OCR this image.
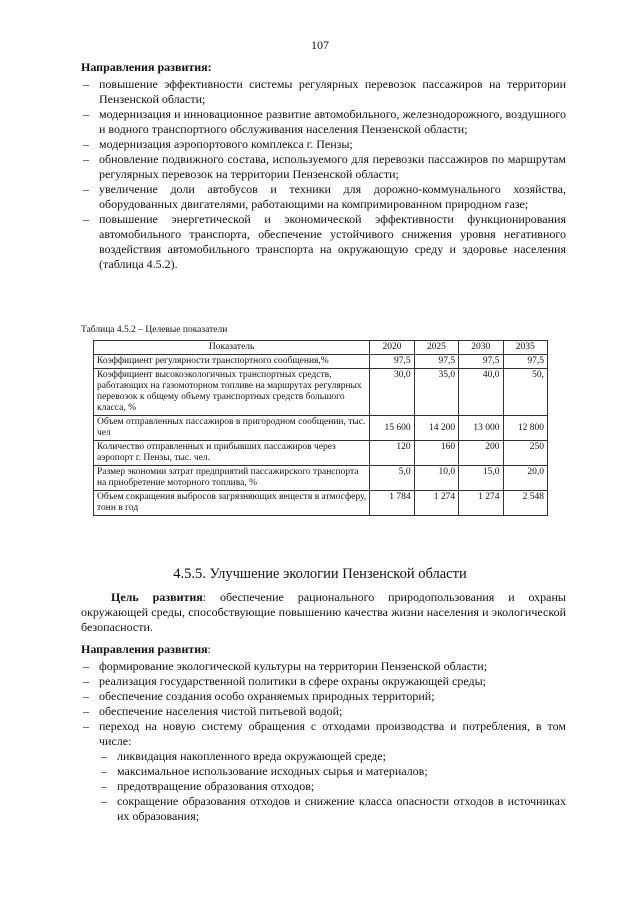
107

Направления развития:

– повышение эффективности системы регулярных перевозок пассажиров на территории Пензенской области;
– модернизация и инновационное развитие автомобильного, железнодорожного, воздушного и водного транспортного обслуживания населения Пензенской области;
– модернизация аэропортового комплекса г. Пензы;
– обновление подвижного состава, используемого для перевозки пассажиров по маршрутам регулярных перевозок на территории Пензенской области;
– увеличение доли автобусов и техники для дорожно-коммунального хозяйства, оборудованных двигателями, работающими на компримированном природном газе;
– повышение энергетической и экономической эффективности функционирования автомобильного транспорта, обеспечение устойчивого снижения уровня негативного воздействия автомобильного транспорта на окружающую среду и здоровье населения (таблица 4.5.2).
Таблица 4.5.2 – Целевые показатели
Показатель	2020	2025	2030	2035
Коэффициент регулярности транспортного сообщения,%	97,5	97,5	97,5	97,5
Коэффициент высокоэкологичных транспортных средств, работающих на газомоторном топливе на маршрутах регулярных перевозок к общему объему транспортных средств большого класса, %	30,0	35,0	40,0	50,
Объем отправленных пассажиров в пригородном сообщении, тыс. чел	15 600	14 200	13 000	12 800
Количество отправленных и прибывших пассажиров через аэропорт г. Пензы, тыс. чел.	120	160	200	250
Размер экономии затрат предприятий пассажирского транспорта на приобретение моторного топлива, %	5,0	10,0	15,0	20,0
Объем сокращения выбросов загрязняющих веществ в атмосферу, тонн в год	1 784	1 274	1 274	2 548
4.5.5. Улучшение экологии Пензенской области

Цель развития: обеспечение рационального природопользования и охраны окружающей среды, способствующие повышению качества жизни населения и экологической безопасности.

Направления развития:

– формирование экологической культуры на территории Пензенской области;
– реализация государственной политики в сфере охраны окружающей среды;
– обеспечение создания особо охраняемых природных территорий;
– обеспечение населения чистой питьевой водой;
– переход на новую систему обращения с отходами производства и потребления, в том числе:
– ликвидация накопленного вреда окружающей среде;
– максимальное использование исходных сырья и материалов;
– предотвращение образования отходов;
– сокращение образования отходов и снижение класса опасности отходов в источниках их образования;
